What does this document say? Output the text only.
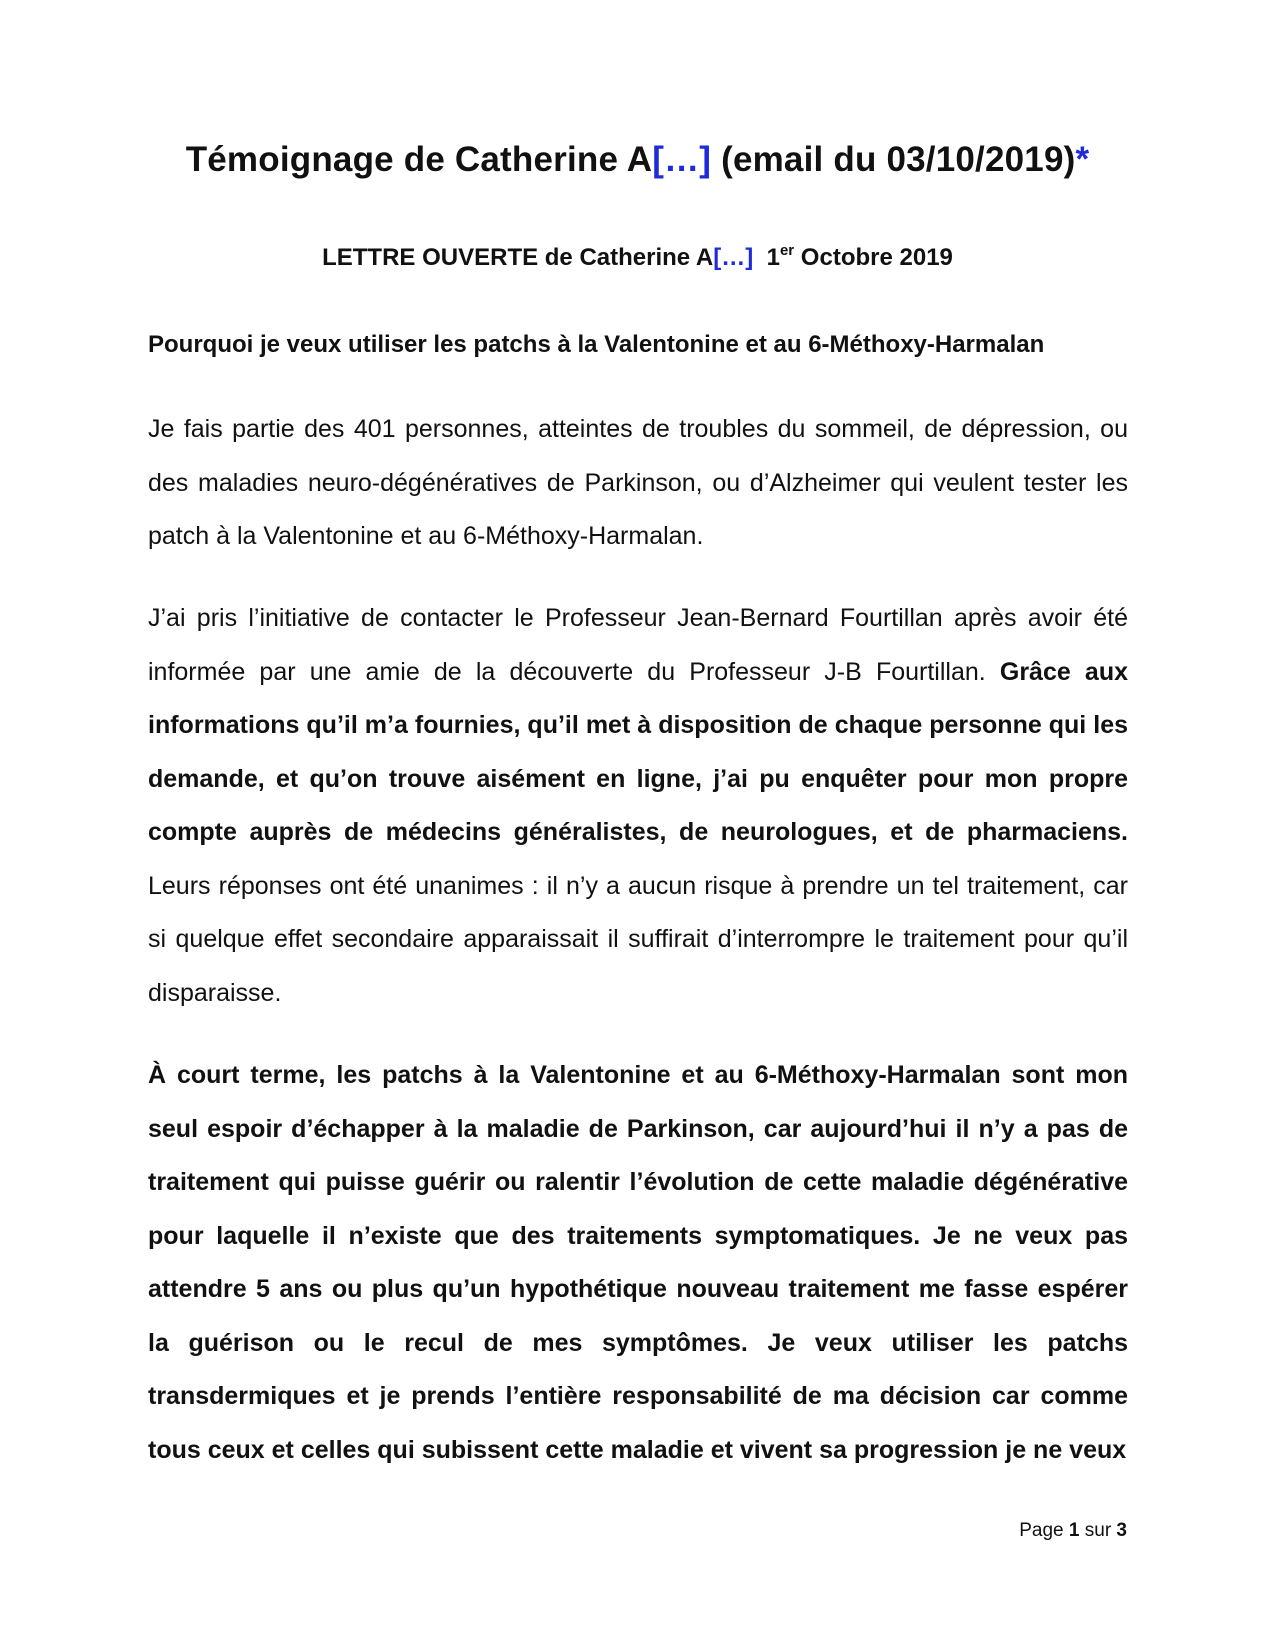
Témoignage de Catherine A[…] (email du 03/10/2019)*
LETTRE OUVERTE de Catherine A[…] 1er Octobre 2019
Pourquoi je veux utiliser les patchs à la Valentonine et au 6-Méthoxy-Harmalan
Je fais partie des 401 personnes, atteintes de troubles du sommeil, de dépression, ou des maladies neuro-dégénératives de Parkinson, ou d’Alzheimer qui veulent tester les patch à la Valentonine et au 6-Méthoxy-Harmalan.
J’ai pris l’initiative de contacter le Professeur Jean-Bernard Fourtillan après avoir été informée par une amie de la découverte du Professeur J-B Fourtillan. Grâce aux informations qu’il m’a fournies, qu’il met à disposition de chaque personne qui les demande, et qu’on trouve aisément en ligne, j’ai pu enquêter pour mon propre compte auprès de médecins généralistes, de neurologues, et de pharmaciens. Leurs réponses ont été unanimes : il n’y a aucun risque à prendre un tel traitement, car si quelque effet secondaire apparaissait il suffirait d’interrompre le traitement pour qu’il disparaisse.
À court terme, les patchs à la Valentonine et au 6-Méthoxy-Harmalan sont mon seul espoir d’échapper à la maladie de Parkinson, car aujourd’hui il n’y a pas de traitement qui puisse guérir ou ralentir l’évolution de cette maladie dégénérative pour laquelle il n’existe que des traitements symptomatiques. Je ne veux pas attendre 5 ans ou plus qu’un hypothétique nouveau traitement me fasse espérer la guérison ou le recul de mes symptômes. Je veux utiliser les patchs transdermiques et je prends l’entière responsabilité de ma décision car comme tous ceux et celles qui subissent cette maladie et vivent sa progression je ne veux
Page 1 sur 3
